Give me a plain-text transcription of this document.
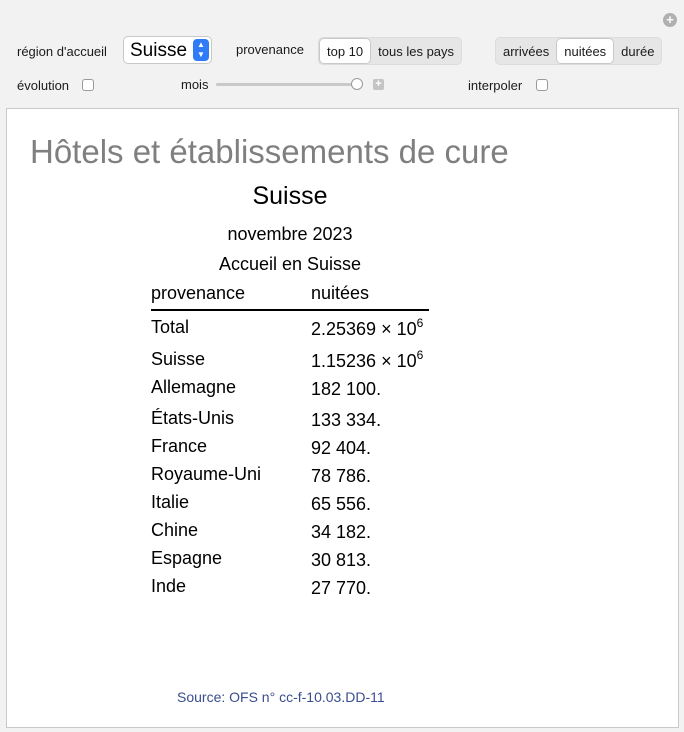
+
région d'accueil Suisse	▲
▼	provenance	top 10	tous les pays	arrivées	nuitées	durée
évolution	mois	+	interpoler
Hôtels et établissements de cure
Suisse
novembre 2023
Accueil en Suisse
provenance	nuitées
Total	$2.25369 \times 10^6$
Suisse	$1.15236 \times 10^6$
Allemagne	182 100.
États-Unis	133 334.
France	92 404.
Royaume-Uni	78 786.
Italie	65 556.
Chine	34 182.
Espagne	30 813.
Inde	27 770.
Source: OFS n° cc-f-10.03.DD-11
